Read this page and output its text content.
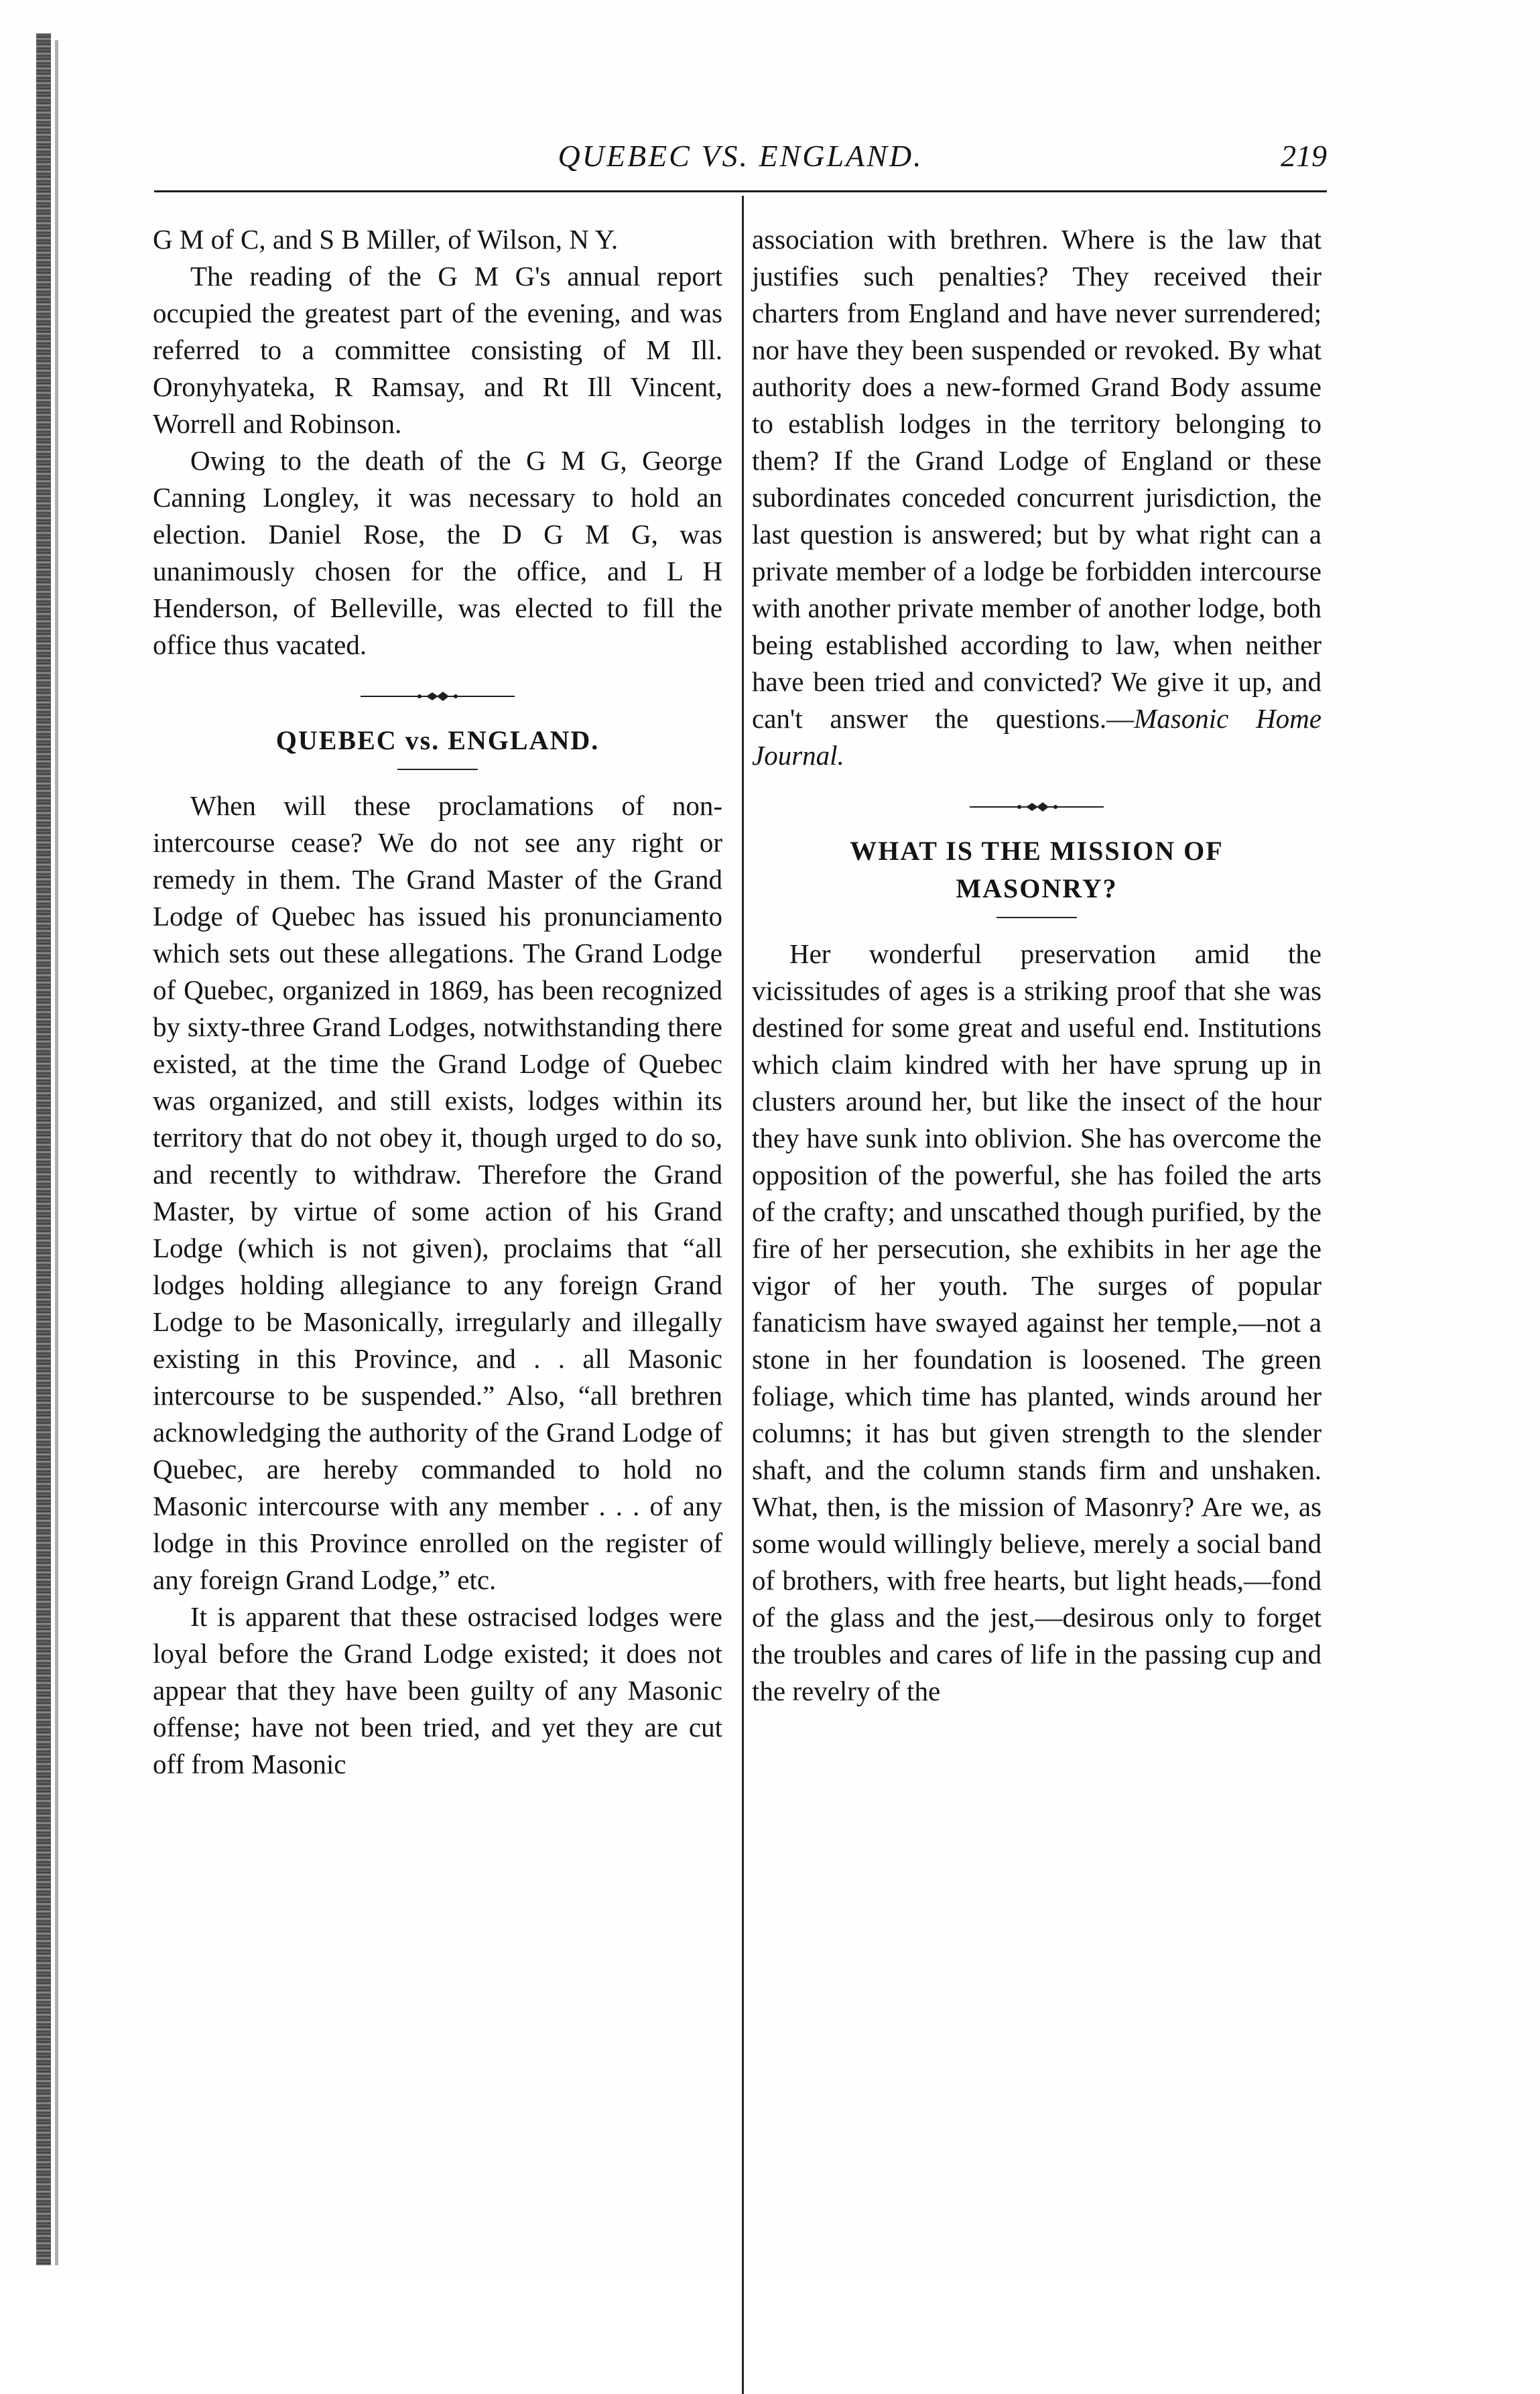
QUEBEC VS. ENGLAND.	219

G M of C, and S B Miller, of Wilson, N Y.

The reading of the G M G's annual report occupied the greatest part of the evening, and was referred to a committee consisting of M Ill. Oronyhyateka, R Ramsay, and Rt Ill Vincent, Worrell and Robinson.

Owing to the death of the G M G, George Canning Longley, it was necessary to hold an election. Daniel Rose, the D G M G, was unanimously chosen for the office, and L H Henderson, of Belleville, was elected to fill the office thus vacated.

QUEBEC vs. ENGLAND.

When will these proclamations of non-intercourse cease? We do not see any right or remedy in them. The Grand Master of the Grand Lodge of Quebec has issued his pronunciamento which sets out these allegations. The Grand Lodge of Quebec, organized in 1869, has been recognized by sixty-three Grand Lodges, notwithstanding there existed, at the time the Grand Lodge of Quebec was organized, and still exists, lodges within its territory that do not obey it, though urged to do so, and recently to withdraw. Therefore the Grand Master, by virtue of some action of his Grand Lodge (which is not given), proclaims that “all lodges holding allegiance to any foreign Grand Lodge to be Masonically, irregularly and illegally existing in this Province, and . . all Masonic intercourse to be suspended.” Also, “all brethren acknowledging the authority of the Grand Lodge of Quebec, are hereby commanded to hold no Masonic intercourse with any member . . . of any lodge in this Province enrolled on the register of any foreign Grand Lodge,” etc.

It is apparent that these ostracised lodges were loyal before the Grand Lodge existed; it does not appear that they have been guilty of any Masonic offense; have not been tried, and yet they are cut off from Masonic

association with brethren. Where is the law that justifies such penalties? They received their charters from England and have never surrendered; nor have they been suspended or revoked. By what authority does a new-formed Grand Body assume to establish lodges in the territory belonging to them? If the Grand Lodge of England or these subordinates conceded concurrent jurisdiction, the last question is answered; but by what right can a private member of a lodge be forbidden intercourse with another private member of another lodge, both being established according to law, when neither have been tried and convicted? We give it up, and can't answer the questions.—Masonic Home Journal.

WHAT IS THE MISSION OF
MASONRY?

Her wonderful preservation amid the vicissitudes of ages is a striking proof that she was destined for some great and useful end. Institutions which claim kindred with her have sprung up in clusters around her, but like the insect of the hour they have sunk into oblivion. She has overcome the opposition of the powerful, she has foiled the arts of the crafty; and unscathed though purified, by the fire of her persecution, she exhibits in her age the vigor of her youth. The surges of popular fanaticism have swayed against her temple,—not a stone in her foundation is loosened. The green foliage, which time has planted, winds around her columns; it has but given strength to the slender shaft, and the column stands firm and unshaken. What, then, is the mission of Masonry? Are we, as some would willingly believe, merely a social band of brothers, with free hearts, but light heads,—fond of the glass and the jest,—desirous only to forget the troubles and cares of life in the passing cup and the revelry of the
